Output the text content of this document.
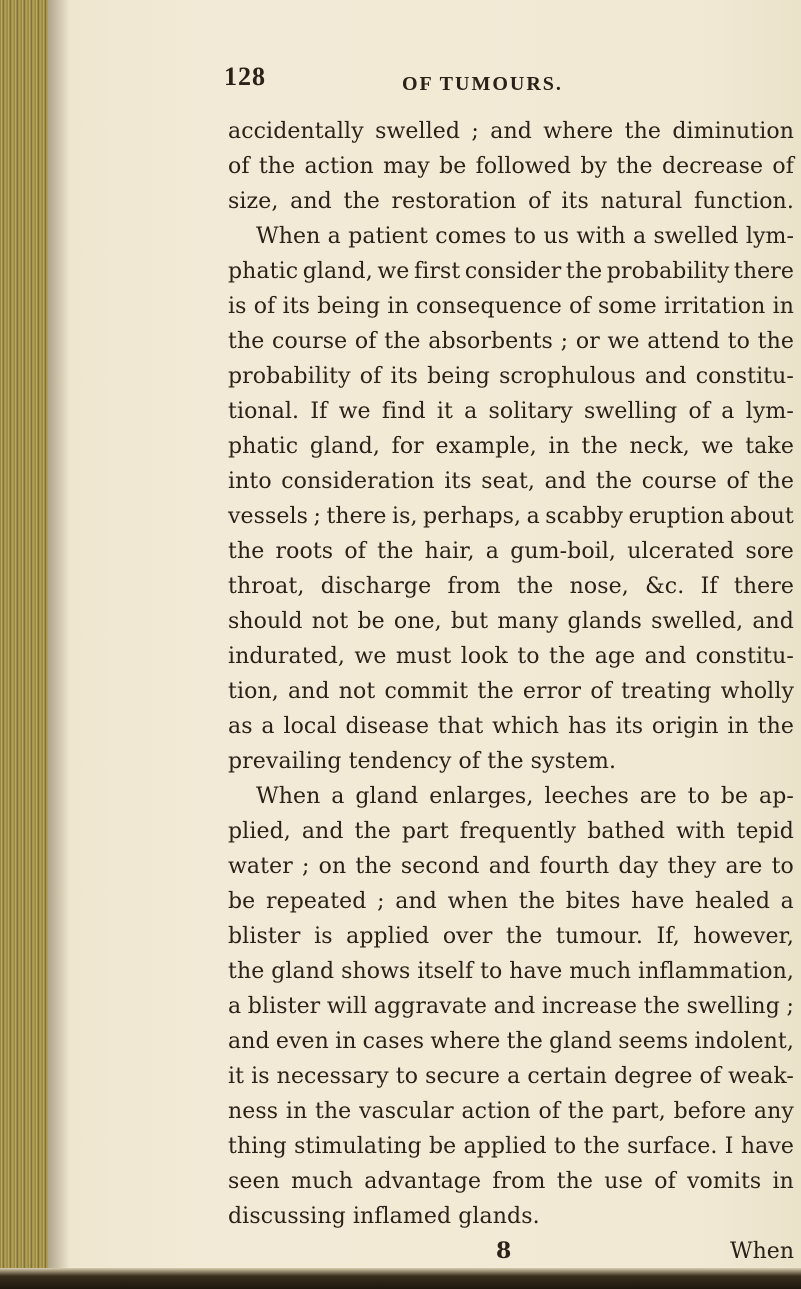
128	OF TUMOURS.
accidentally swelled ; and where the diminution
of the action may be followed by the decrease of
size, and the restoration of its natural function.
When a patient comes to us with a swelled lym-
phatic gland, we first consider the probability there
is of its being in consequence of some irritation in
the course of the absorbents ; or we attend to the
probability of its being scrophulous and constitu-
tional. If we find it a solitary swelling of a lym-
phatic gland, for example, in the neck, we take
into consideration its seat, and the course of the
vessels ; there is, perhaps, a scabby eruption about
the roots of the hair, a gum-boil, ulcerated sore
throat, discharge from the nose, &c. If there
should not be one, but many glands swelled, and
indurated, we must look to the age and constitu-
tion, and not commit the error of treating wholly
as a local disease that which has its origin in the
prevailing tendency of the system.
When a gland enlarges, leeches are to be ap-
plied, and the part frequently bathed with tepid
water ; on the second and fourth day they are to
be repeated ; and when the bites have healed a
blister is applied over the tumour. If, however,
the gland shows itself to have much inflammation,
a blister will aggravate and increase the swelling ;
and even in cases where the gland seems indolent,
it is necessary to secure a certain degree of weak-
ness in the vascular action of the part, before any
thing stimulating be applied to the surface. I have
seen much advantage from the use of vomits in
discussing inflamed glands.
8	When
